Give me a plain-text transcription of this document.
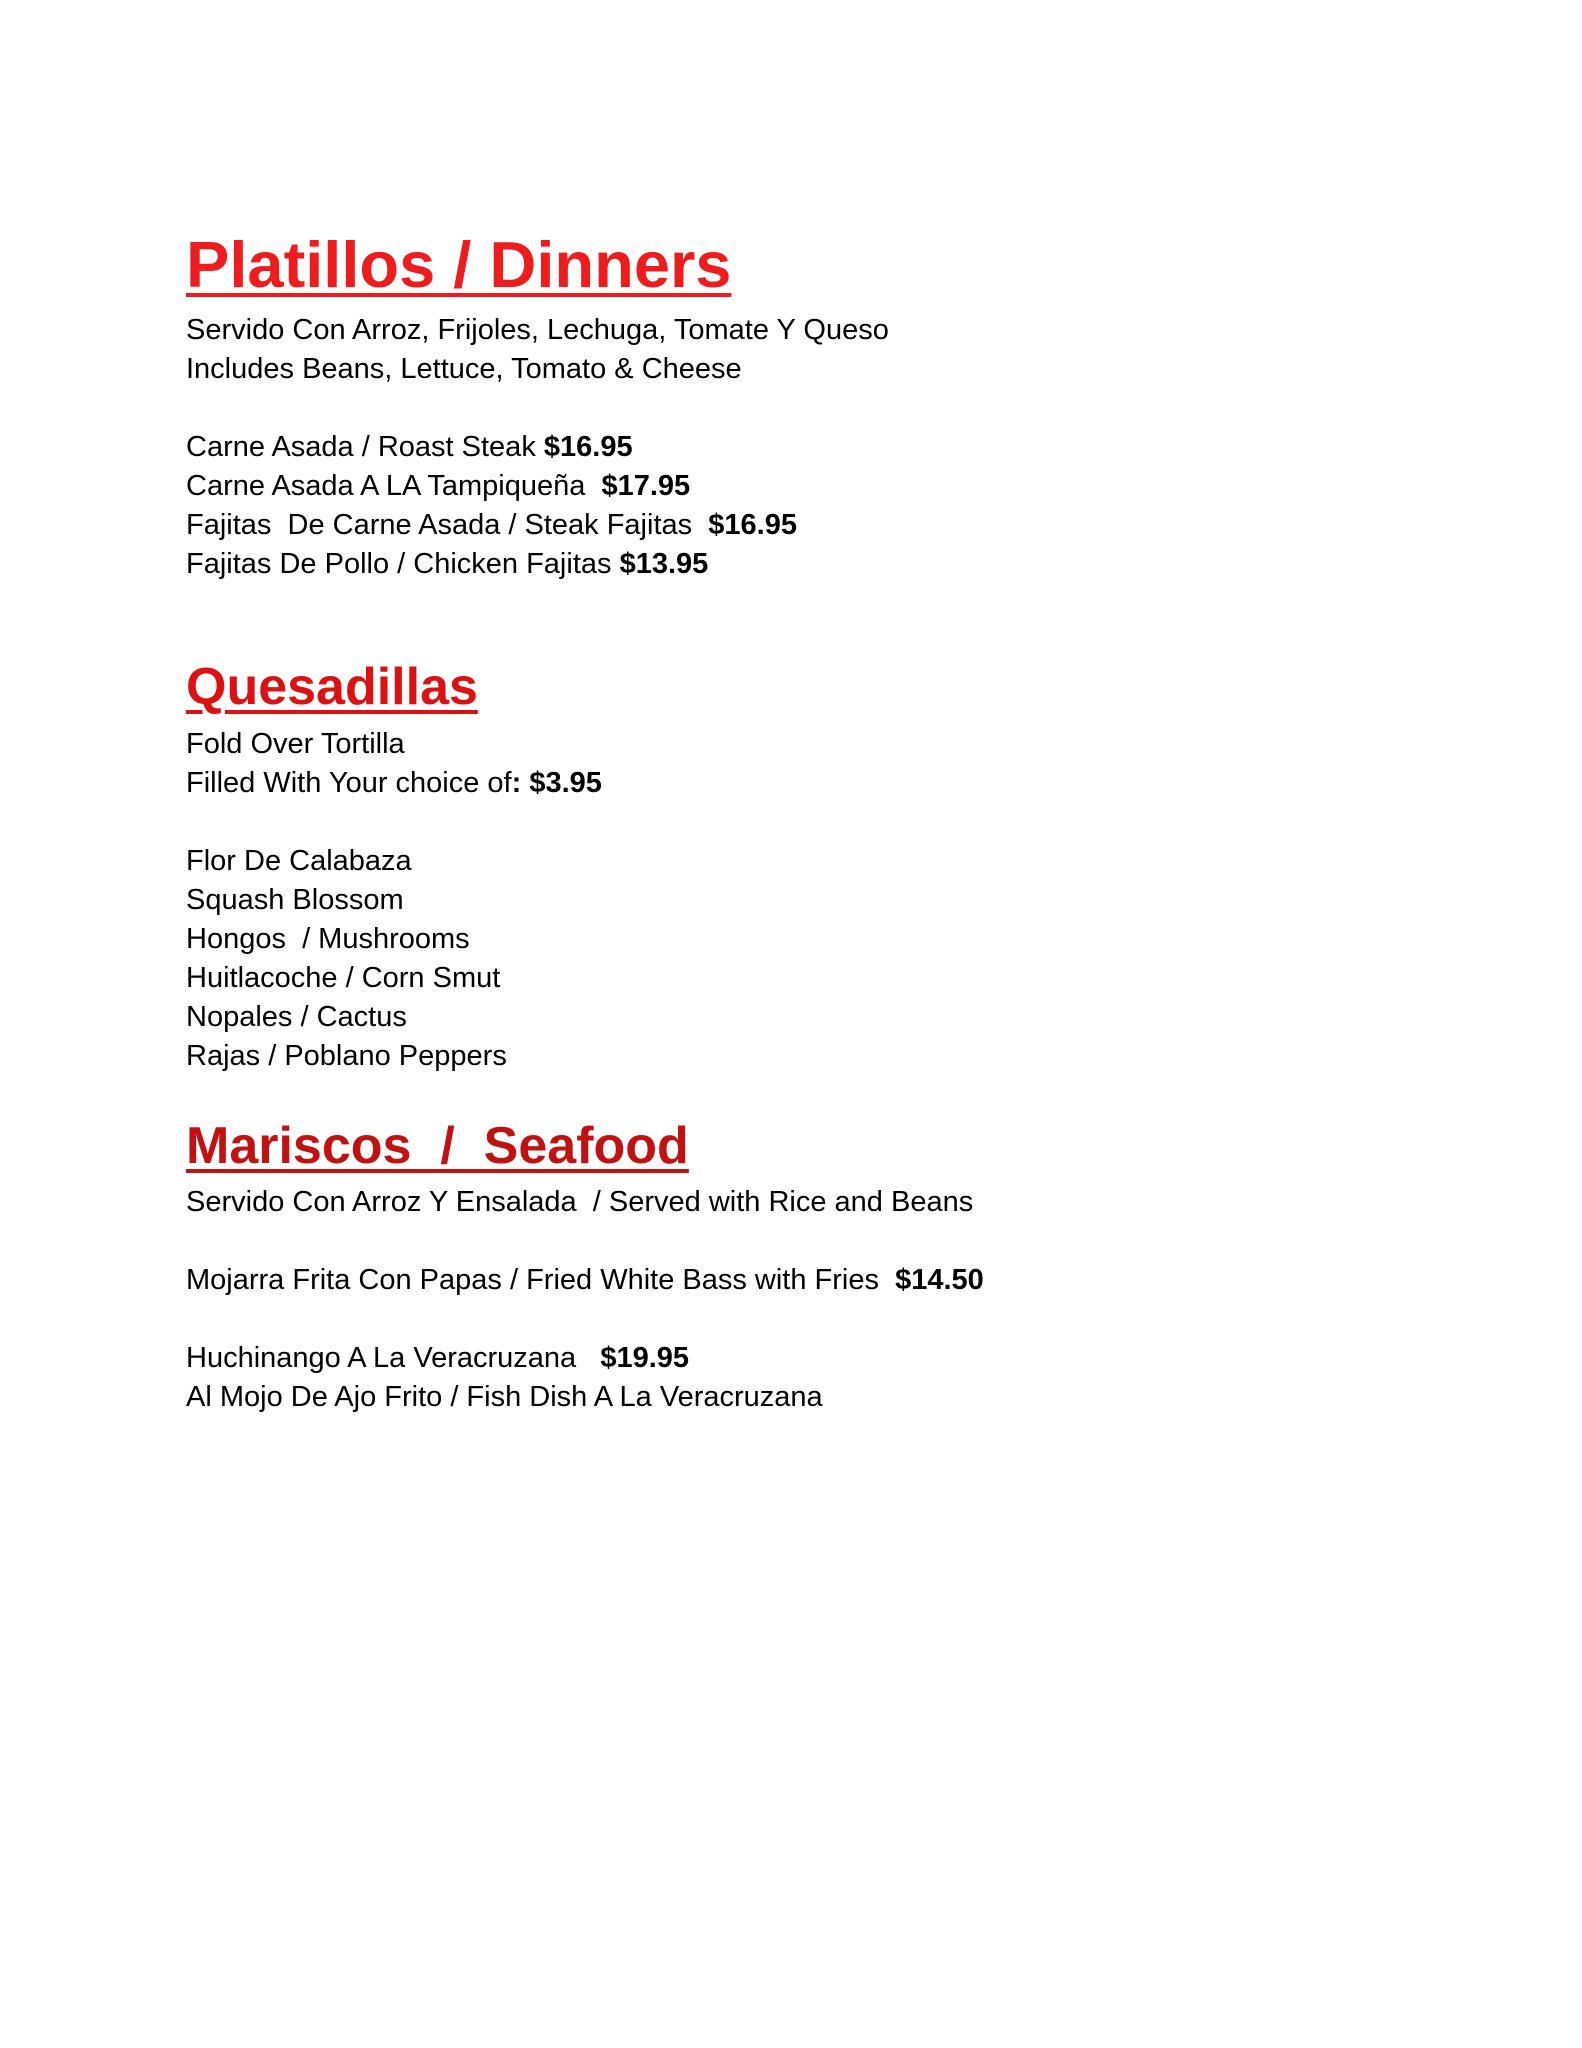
Platillos / Dinners

Servido Con Arroz, Frijoles, Lechuga, Tomate Y Queso

Includes Beans, Lettuce, Tomato & Cheese

Carne Asada / Roast Steak $16.95

Carne Asada A LA Tampiqueña  $17.95

Fajitas  De Carne Asada / Steak Fajitas  $16.95

Fajitas De Pollo / Chicken Fajitas $13.95

Quesadillas

Fold Over Tortilla

Filled With Your choice of: $3.95

Flor De Calabaza

Squash Blossom

Hongos  / Mushrooms

Huitlacoche / Corn Smut

Nopales / Cactus

Rajas / Poblano Peppers

Mariscos  /  Seafood

Servido Con Arroz Y Ensalada  / Served with Rice and Beans

Mojarra Frita Con Papas / Fried White Bass with Fries  $14.50

Huchinango A La Veracruzana   $19.95

Al Mojo De Ajo Frito / Fish Dish A La Veracruzana
